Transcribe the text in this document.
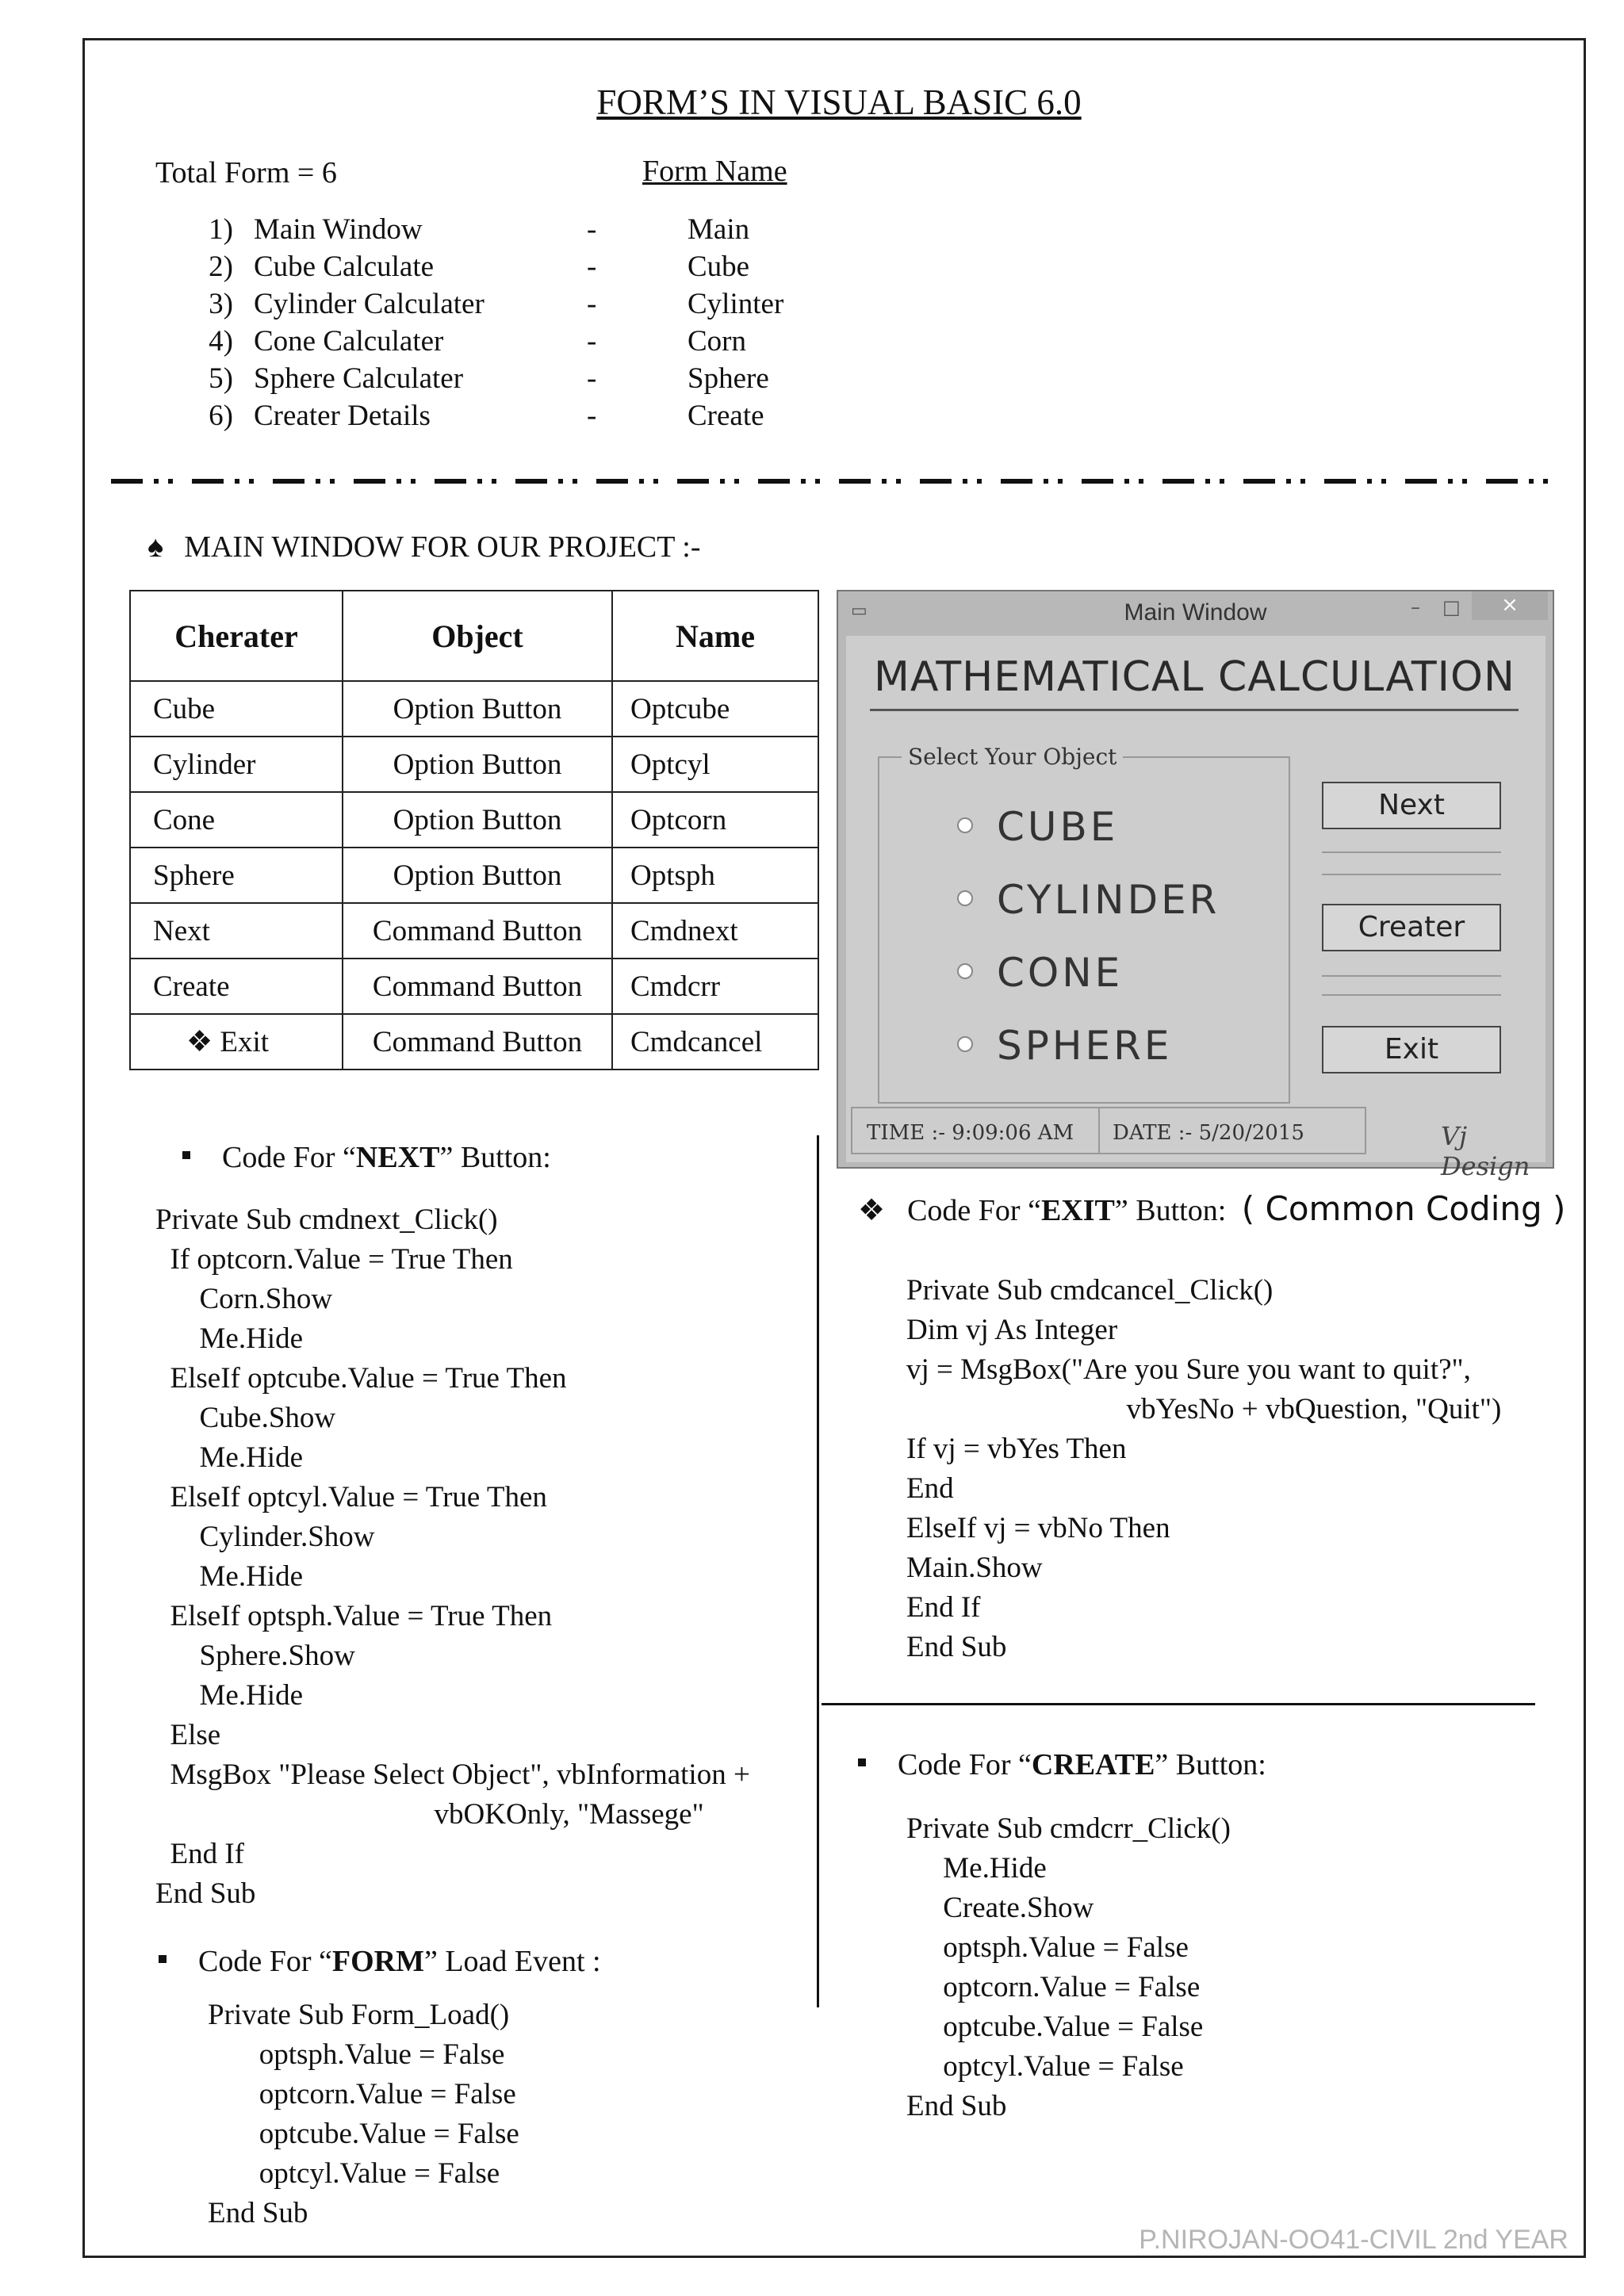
FORM’S IN VISUAL BASIC 6.0
Total Form = 6	Form Name
1) Main Window	-	Main
2) Cube Calculate	-	Cube
3) Cylinder Calculater	-	Cylinter
4) Cone Calculater	-	Corn
5) Sphere Calculater	-	Sphere
6) Creater Details	-	Create
♠ MAIN WINDOW FOR OUR PROJECT :-
Cherater	Object	Name
Cube	Option Button	Optcube
Cylinder	Option Button	Optcyl
Cone	Option Button	Optcorn
Sphere	Option Button	Optsph
Next	Command Button	Cmdnext
Create	Command Button	Cmdcrr
❖ Exit	Command Button	Cmdcancel
▭	Main Window	– □	×
MATHEMATICAL CALCULATION
Select Your Object
CUBE
CYLINDER
CONE
SPHERE
Next
Creater
Exit
TIME :- 9:09:06 AM DATE :- 5/20/2015	Vj Design
Code For “NEXT” Button:
Private Sub cmdnext_Click()
If optcorn.Value = True Then
Corn.Show
Me.Hide
ElseIf optcube.Value = True Then
Cube.Show
Me.Hide
ElseIf optcyl.Value = True Then
Cylinder.Show
Me.Hide
ElseIf optsph.Value = True Then
Sphere.Show
Me.Hide
Else
MsgBox "Please Select Object", vbInformation +
vbOKOnly, "Massege"
End If
End Sub
Code For “FORM” Load Event :
Private Sub Form_Load()
optsph.Value = False
optcorn.Value = False
optcube.Value = False
optcyl.Value = False
End Sub
❖ Code For “EXIT” Button: ( Common Coding )
Private Sub cmdcancel_Click()
Dim vj As Integer
vj = MsgBox("Are you Sure you want to quit?",
vbYesNo + vbQuestion, "Quit")
If vj = vbYes Then
End
ElseIf vj = vbNo Then
Main.Show
End If
End Sub
Code For “CREATE” Button:
Private Sub cmdcrr_Click()
Me.Hide
Create.Show
optsph.Value = False
optcorn.Value = False
optcube.Value = False
optcyl.Value = False
End Sub
P.NIROJAN-OO41-CIVIL 2nd YEAR
